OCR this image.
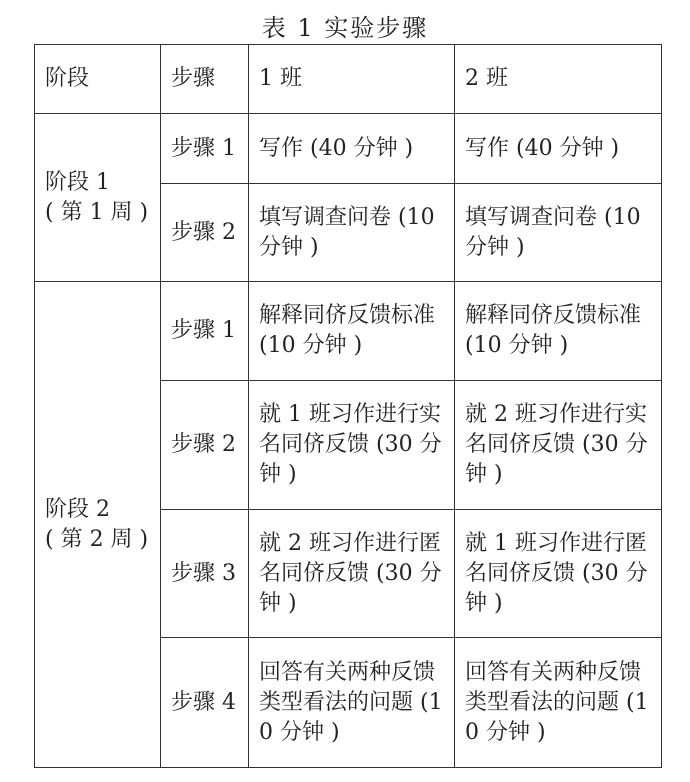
表 1 实验步骤
阶段	步骤	1 班	2 班

阶段 1
( 第 1 周 )	步骤 1	写作 (40 分钟 )	写作 (40 分钟 )
	步骤 2	填写调查问卷 (10 分钟 )	填写调查问卷 (10 分钟 )

阶段 2
( 第 2 周 )	步骤 1	解释同侪反馈标准 (10 分钟 )	解释同侪反馈标准 (10 分钟 )
	步骤 2	就 1 班习作进行实名同侪反馈 (30 分钟 )	就 2 班习作进行实名同侪反馈 (30 分钟 )
	步骤 3	就 2 班习作进行匿名同侪反馈 (30 分钟 )	就 1 班习作进行匿名同侪反馈 (30 分钟 )
	步骤 4	回答有关两种反馈类型看法的问题 (10 分钟 )	回答有关两种反馈类型看法的问题 (10 分钟 )
